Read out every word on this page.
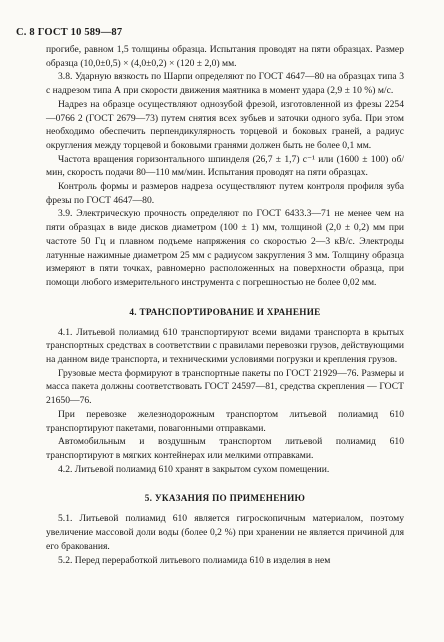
С. 8 ГОСТ 10 589—87

прогибе, равном 1,5 толщины образца. Испытания проводят на пяти образцах. Размер образца (10,0±0,5) × (4,0±0,2) × (120 ± 2,0) мм.

3.8. Ударную вязкость по Шарпи определяют по ГОСТ 4647—80 на образцах типа 3 с надрезом типа А при скорости движения маятника в момент удара (2,9 ± 10 %) м/с.

Надрез на образце осуществляют однозубой фрезой, изготовленной из фрезы 2254—0766 2 (ГОСТ 2679—73) путем снятия всех зубьев и заточки одного зуба. При этом необходимо обеспечить перпендикулярность торцевой и боковых граней, а радиус округления между торцевой и боковыми гранями должен быть не более 0,1 мм.

Частота вращения горизонтального шпинделя (26,7 ± 1,7) с⁻¹ или (1600 ± 100) об/мин, скорость подачи 80—110 мм/мин. Испытания проводят на пяти образцах.

Контроль формы и размеров надреза осуществляют путем контроля профиля зуба фрезы по ГОСТ 4647—80.

3.9. Электрическую прочность определяют по ГОСТ 6433.3—71 не менее чем на пяти образцах в виде дисков диаметром (100 ± 1) мм, толщиной (2,0 ± 0,2) мм при частоте 50 Гц и плавном подъеме напряжения со скоростью 2—3 кВ/с. Электроды латунные нажимные диаметром 25 мм с радиусом закругления 3 мм. Толщину образца измеряют в пяти точках, равномерно расположенных на поверхности образца, при помощи любого измерительного инструмента с погрешностью не более 0,02 мм.

4. ТРАНСПОРТИРОВАНИЕ И ХРАНЕНИЕ

4.1. Литьевой полиамид 610 транспортируют всеми видами транспорта в крытых транспортных средствах в соответствии с правилами перевозки грузов, действующими на данном виде транспорта, и техническими условиями погрузки и крепления грузов.

Грузовые места формируют в транспортные пакеты по ГОСТ 21929—76. Размеры и масса пакета должны соответствовать ГОСТ 24597—81, средства скрепления — ГОСТ 21650—76.

При перевозке железнодорожным транспортом литьевой полиамид 610 транспортируют пакетами, повагонными отправками.

Автомобильным и воздушным транспортом литьевой полиамид 610 транспортируют в мягких контейнерах или мелкими отправками.

4.2. Литьевой полиамид 610 хранят в закрытом сухом помещении.

5. УКАЗАНИЯ ПО ПРИМЕНЕНИЮ

5.1. Литьевой полиамид 610 является гигроскопичным материалом, поэтому увеличение массовой доли воды (более 0,2 %) при хранении не является причиной для его бракования.

5.2. Перед переработкой литьевого полиамида 610 в изделия в нем
